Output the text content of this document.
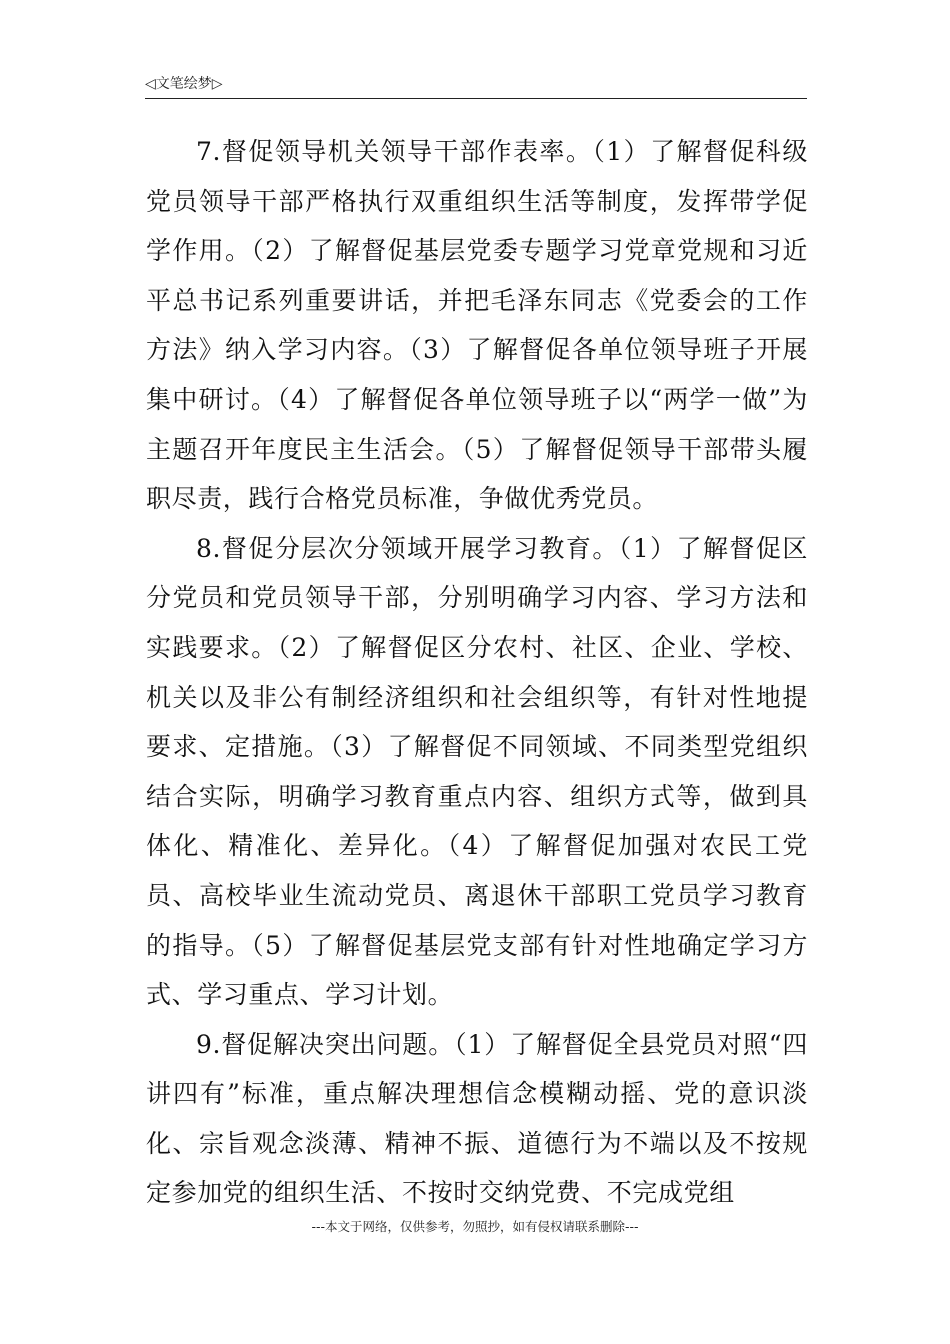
◁文笔绘梦▷

7.督促领导机关领导干部作表率。（1）了解督促科级党员领导干部严格执行双重组织生活等制度，发挥带学促学作用。（2）了解督促基层党委专题学习党章党规和习近平总书记系列重要讲话，并把毛泽东同志《党委会的工作方法》纳入学习内容。（3）了解督促各单位领导班子开展集中研讨。（4）了解督促各单位领导班子以“两学一做”为主题召开年度民主生活会。（5）了解督促领导干部带头履职尽责，践行合格党员标准，争做优秀党员。

8.督促分层次分领域开展学习教育。（1）了解督促区分党员和党员领导干部，分别明确学习内容、学习方法和实践要求。（2）了解督促区分农村、社区、企业、学校、机关以及非公有制经济组织和社会组织等，有针对性地提要求、定措施。（3）了解督促不同领域、不同类型党组织结合实际，明确学习教育重点内容、组织方式等，做到具体化、精准化、差异化。（4）了解督促加强对农民工党员、高校毕业生流动党员、离退休干部职工党员学习教育的指导。（5）了解督促基层党支部有针对性地确定学习方式、学习重点、学习计划。

9.督促解决突出问题。（1）了解督促全县党员对照“四讲四有”标准，重点解决理想信念模糊动摇、党的意识淡化、宗旨观念淡薄、精神不振、道德行为不端以及不按规定参加党的组织生活、不按时交纳党费、不完成党组

---本文于网络，仅供参考，勿照抄，如有侵权请联系删除---
